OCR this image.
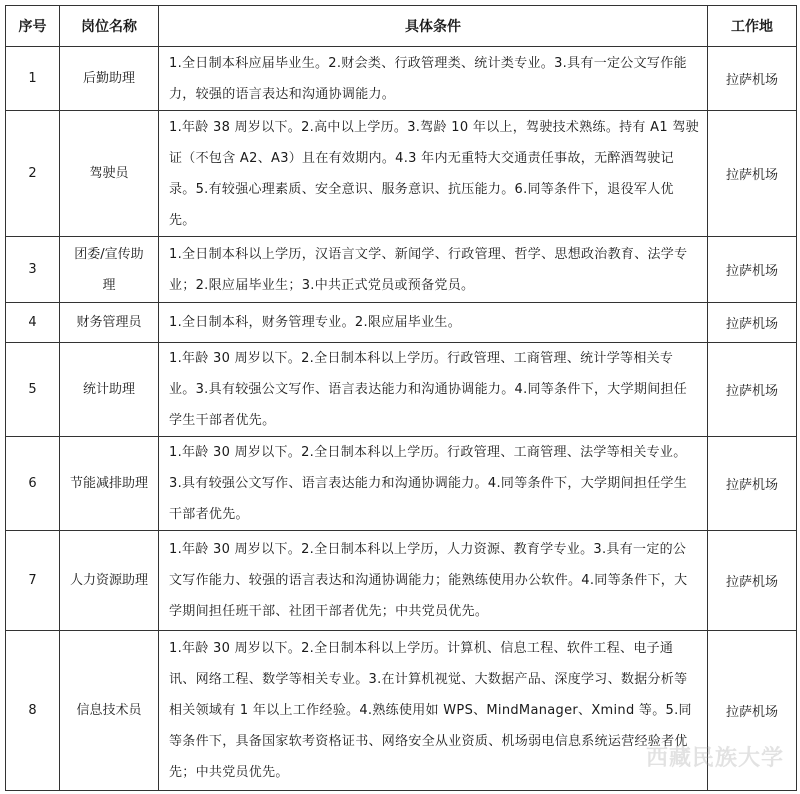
序号	岗位名称	具体条件	工作地
1	后勤助理	1.全日制本科应届毕业生。2.财会类、行政管理类、统计类专业。3.具有一定公文写作能力，较强的语言表达和沟通协调能力。	拉萨机场
2	驾驶员	1.年龄 38 周岁以下。2.高中以上学历。3.驾龄 10 年以上，驾驶技术熟练。持有 A1 驾驶证（不包含 A2、A3）且在有效期内。4.3 年内无重特大交通责任事故，无醉酒驾驶记录。5.有较强心理素质、安全意识、服务意识、抗压能力。6.同等条件下，退役军人优先。	拉萨机场
3	团委/宣传助理	1.全日制本科以上学历，汉语言文学、新闻学、行政管理、哲学、思想政治教育、法学专业；2.限应届毕业生；3.中共正式党员或预备党员。	拉萨机场
4	财务管理员	1.全日制本科，财务管理专业。2.限应届毕业生。	拉萨机场
5	统计助理	1.年龄 30 周岁以下。2.全日制本科以上学历。行政管理、工商管理、统计学等相关专业。3.具有较强公文写作、语言表达能力和沟通协调能力。4.同等条件下，大学期间担任学生干部者优先。	拉萨机场
6	节能减排助理	1.年龄 30 周岁以下。2.全日制本科以上学历。行政管理、工商管理、法学等相关专业。3.具有较强公文写作、语言表达能力和沟通协调能力。4.同等条件下，大学期间担任学生干部者优先。	拉萨机场
7	人力资源助理	1.年龄 30 周岁以下。2.全日制本科以上学历，人力资源、教育学专业。3.具有一定的公文写作能力、较强的语言表达和沟通协调能力；能熟练使用办公软件。4.同等条件下，大学期间担任班干部、社团干部者优先；中共党员优先。	拉萨机场
8	信息技术员	1.年龄 30 周岁以下。2.全日制本科以上学历。计算机、信息工程、软件工程、电子通讯、网络工程、数学等相关专业。3.在计算机视觉、大数据产品、深度学习、数据分析等相关领域有 1 年以上工作经验。4.熟练使用如 WPS、MindManager、Xmind 等。5.同等条件下，具备国家软考资格证书、网络安全从业资质、机场弱电信息系统运营经验者优先；中共党员优先。	拉萨机场
西藏民族大学
